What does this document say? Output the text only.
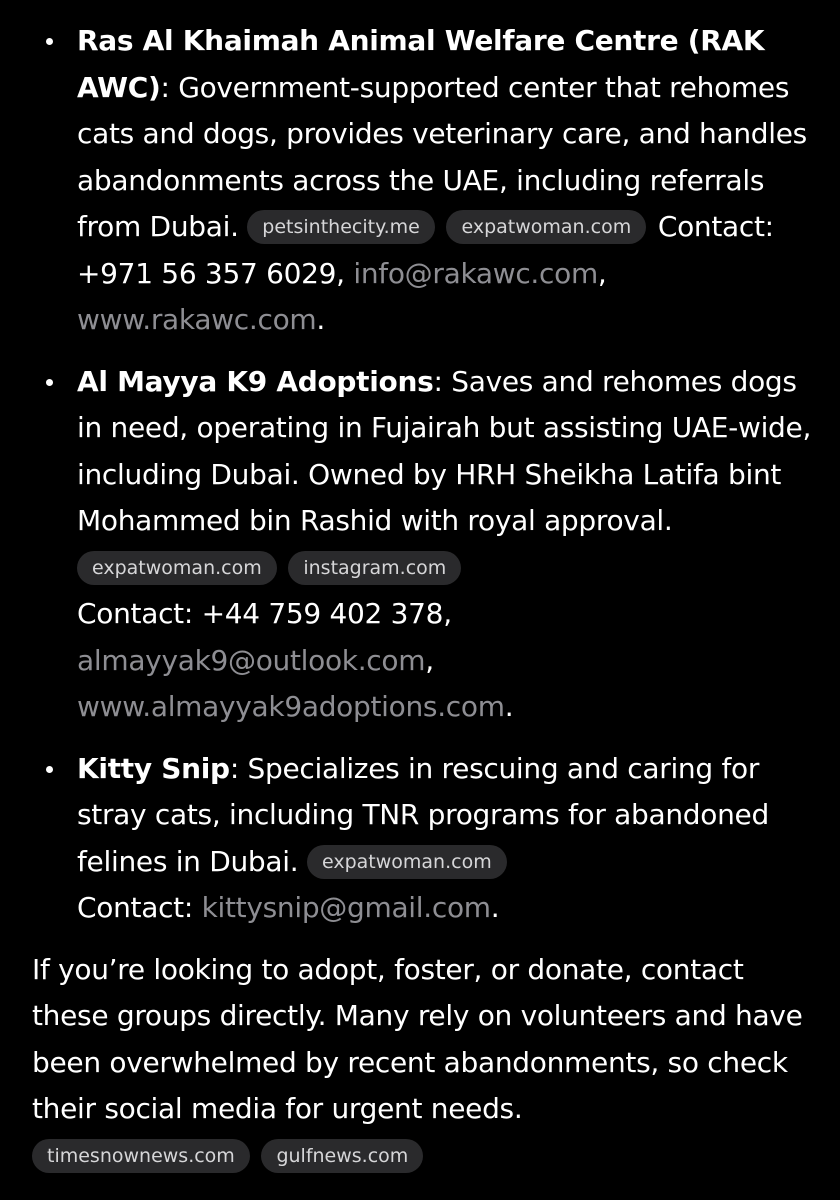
Ras Al Khaimah Animal Welfare Centre (RAK AWC): Government-supported center that rehomes cats and dogs, provides veterinary care, and handles abandonments across the UAE, including referrals from Dubai. petsinthecity.me expatwoman.com Contact: +971 56 357 6029, info@rakawc.com, www.rakawc.com.
Al Mayya K9 Adoptions: Saves and rehomes dogs in need, operating in Fujairah but assisting UAE-wide, including Dubai. Owned by HRH Sheikha Latifa bint Mohammed bin Rashid with royal approval. expatwoman.com instagram.com
Contact: +44 759 402 378,
almayyak9@outlook.com,
www.almayyak9adoptions.com.
Kitty Snip: Specializes in rescuing and caring for stray cats, including TNR programs for abandoned felines in Dubai. expatwoman.com
Contact: kittysnip@gmail.com.

If you’re looking to adopt, foster, or donate, contact these groups directly. Many rely on volunteers and have been overwhelmed by recent abandonments, so check their social media for urgent needs.

timesnownews.com gulfnews.com
